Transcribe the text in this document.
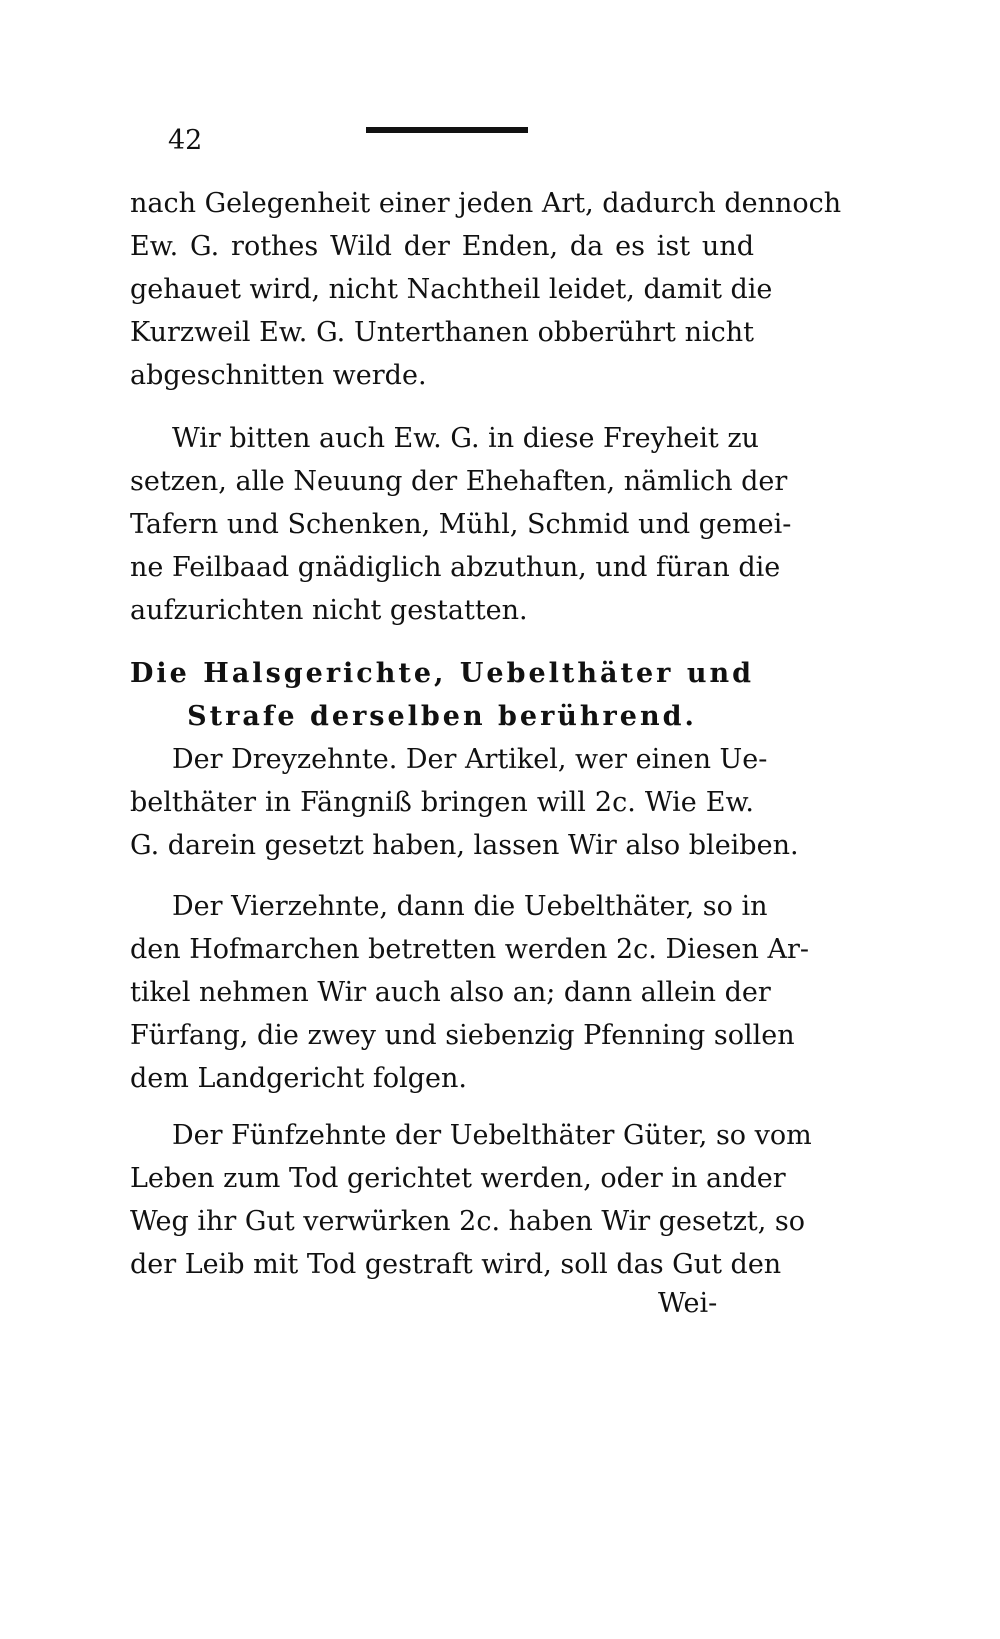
42
nach Gelegenheit einer jeden Art, dadurch dennoch
Ew. G. rothes Wild der Enden, da es ist und
gehauet wird, nicht Nachtheil leidet, damit die
Kurzweil Ew. G. Unterthanen obberührt nicht
abgeschnitten werde.
Wir bitten auch Ew. G. in diese Freyheit zu
setzen, alle Neuung der Ehehaften, nämlich der
Tafern und Schenken, Mühl, Schmid und gemei-
ne Feilbaad gnädiglich abzuthun, und füran die
aufzurichten nicht gestatten.
Die Halsgerichte, Uebelthäter und
Strafe derselben berührend.
Der Dreyzehnte. Der Artikel, wer einen Ue-
belthäter in Fängniß bringen will 2c. Wie Ew.
G. darein gesetzt haben, lassen Wir also bleiben.
Der Vierzehnte, dann die Uebelthäter, so in
den Hofmarchen betretten werden 2c. Diesen Ar-
tikel nehmen Wir auch also an; dann allein der
Fürfang, die zwey und siebenzig Pfenning sollen
dem Landgericht folgen.
Der Fünfzehnte der Uebelthäter Güter, so vom
Leben zum Tod gerichtet werden, oder in ander
Weg ihr Gut verwürken 2c. haben Wir gesetzt, so
der Leib mit Tod gestraft wird, soll das Gut den
Wei-
